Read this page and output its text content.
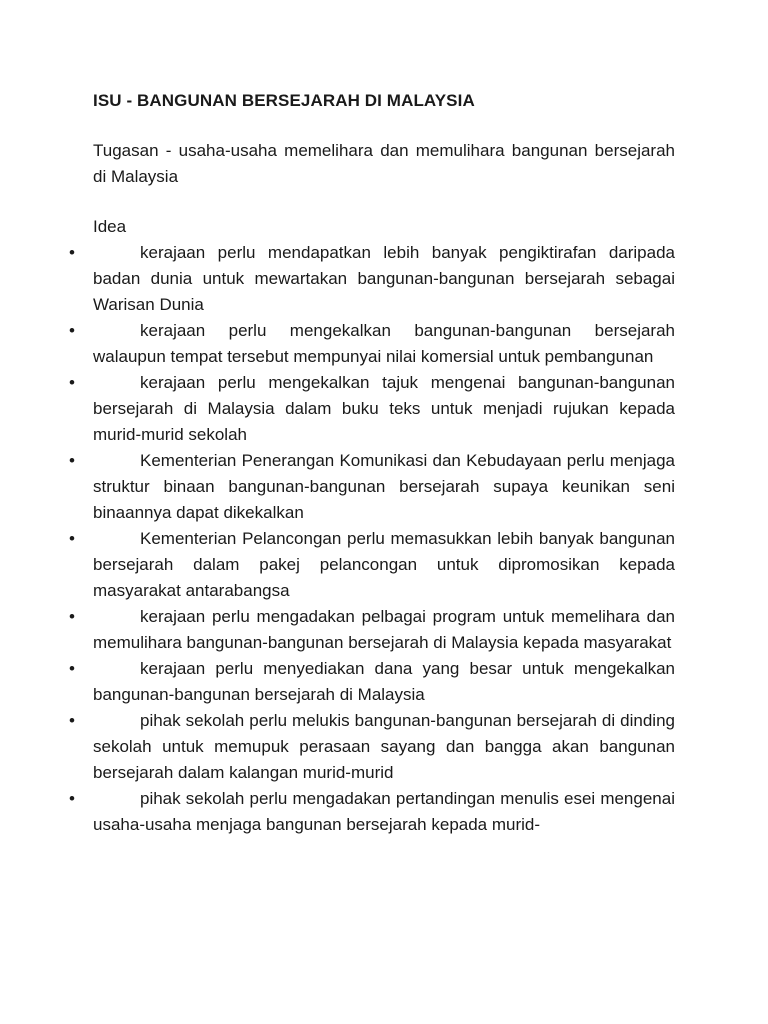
ISU - BANGUNAN BERSEJARAH DI MALAYSIA

Tugasan - usaha-usaha memelihara dan memulihara bangunan bersejarah di Malaysia

Idea

•	kerajaan perlu mendapatkan lebih banyak pengiktirafan daripada badan dunia untuk mewartakan bangunan-bangunan bersejarah sebagai Warisan Dunia
•	kerajaan perlu mengekalkan bangunan-bangunan bersejarah walaupun tempat tersebut mempunyai nilai komersial untuk pembangunan
•	kerajaan perlu mengekalkan tajuk mengenai bangunan-bangunan bersejarah di Malaysia dalam buku teks untuk menjadi rujukan kepada murid-murid sekolah
•	Kementerian Penerangan Komunikasi dan Kebudayaan perlu menjaga struktur binaan bangunan-bangunan bersejarah supaya keunikan seni binaannya dapat dikekalkan
•	Kementerian Pelancongan perlu memasukkan lebih banyak bangunan bersejarah dalam pakej pelancongan untuk dipromosikan kepada masyarakat antarabangsa
•	kerajaan perlu mengadakan pelbagai program untuk memelihara dan memulihara bangunan-bangunan bersejarah di Malaysia kepada masyarakat
•	kerajaan perlu menyediakan dana yang besar untuk mengekalkan bangunan-bangunan bersejarah di Malaysia
•	pihak sekolah perlu melukis bangunan-bangunan bersejarah di dinding sekolah untuk memupuk perasaan sayang dan bangga akan bangunan bersejarah dalam kalangan murid-murid
•	pihak sekolah perlu mengadakan pertandingan menulis esei mengenai usaha-usaha menjaga bangunan bersejarah kepada murid-
